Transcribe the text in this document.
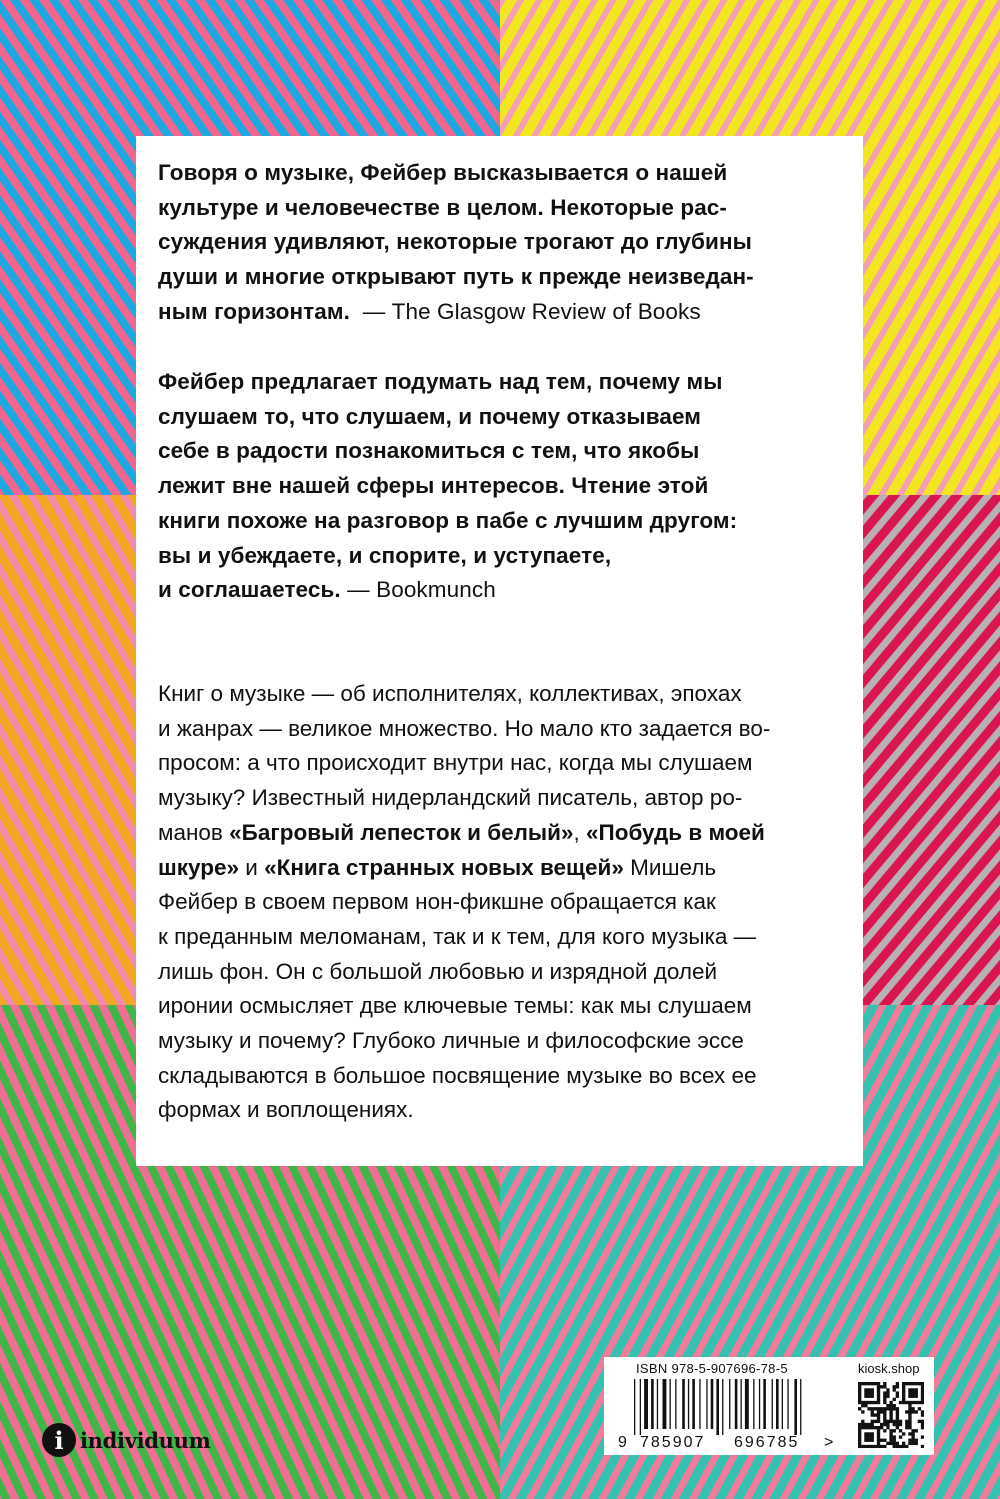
Говоря о музыке, Фейбер высказывается о нашей
культуре и человечестве в целом. Некоторые рас-
суждения удивляют, некоторые трогают до глубины
души и многие открывают путь к прежде неизведан-
ным горизонтам. — The Glasgow Review of Books
Фейбер предлагает подумать над тем, почему мы
слушаем то, что слушаем, и почему отказываем
себе в радости познакомиться с тем, что якобы
лежит вне нашей сферы интересов. Чтение этой
книги похоже на разговор в пабе с лучшим другом:
вы и убеждаете, и спорите, и уступаете,
и соглашаетесь. — Bookmunch
Книг о музыке — об исполнителях, коллективах, эпохах
и жанрах — великое множество. Но мало кто задается во-
просом: а что происходит внутри нас, когда мы слушаем
музыку? Известный нидерландский писатель, автор ро-
манов «Багровый лепесток и белый», «Побудь в моей
шкуре» и «Книга странных новых вещей» Мишель
Фейбер в своем первом нон-фикшне обращается как
к преданным меломанам, так и к тем, для кого музыка —
лишь фон. Он с большой любовью и изрядной долей
иронии осмысляет две ключевые темы: как мы слушаем
музыку и почему? Глубоко личные и философские эссе
складываются в большое посвящение музыке во всех ее
формах и воплощениях.
ISBN 978-5-907696-78-5	kiosk.shop
9 785907 696785 >
i individuum
